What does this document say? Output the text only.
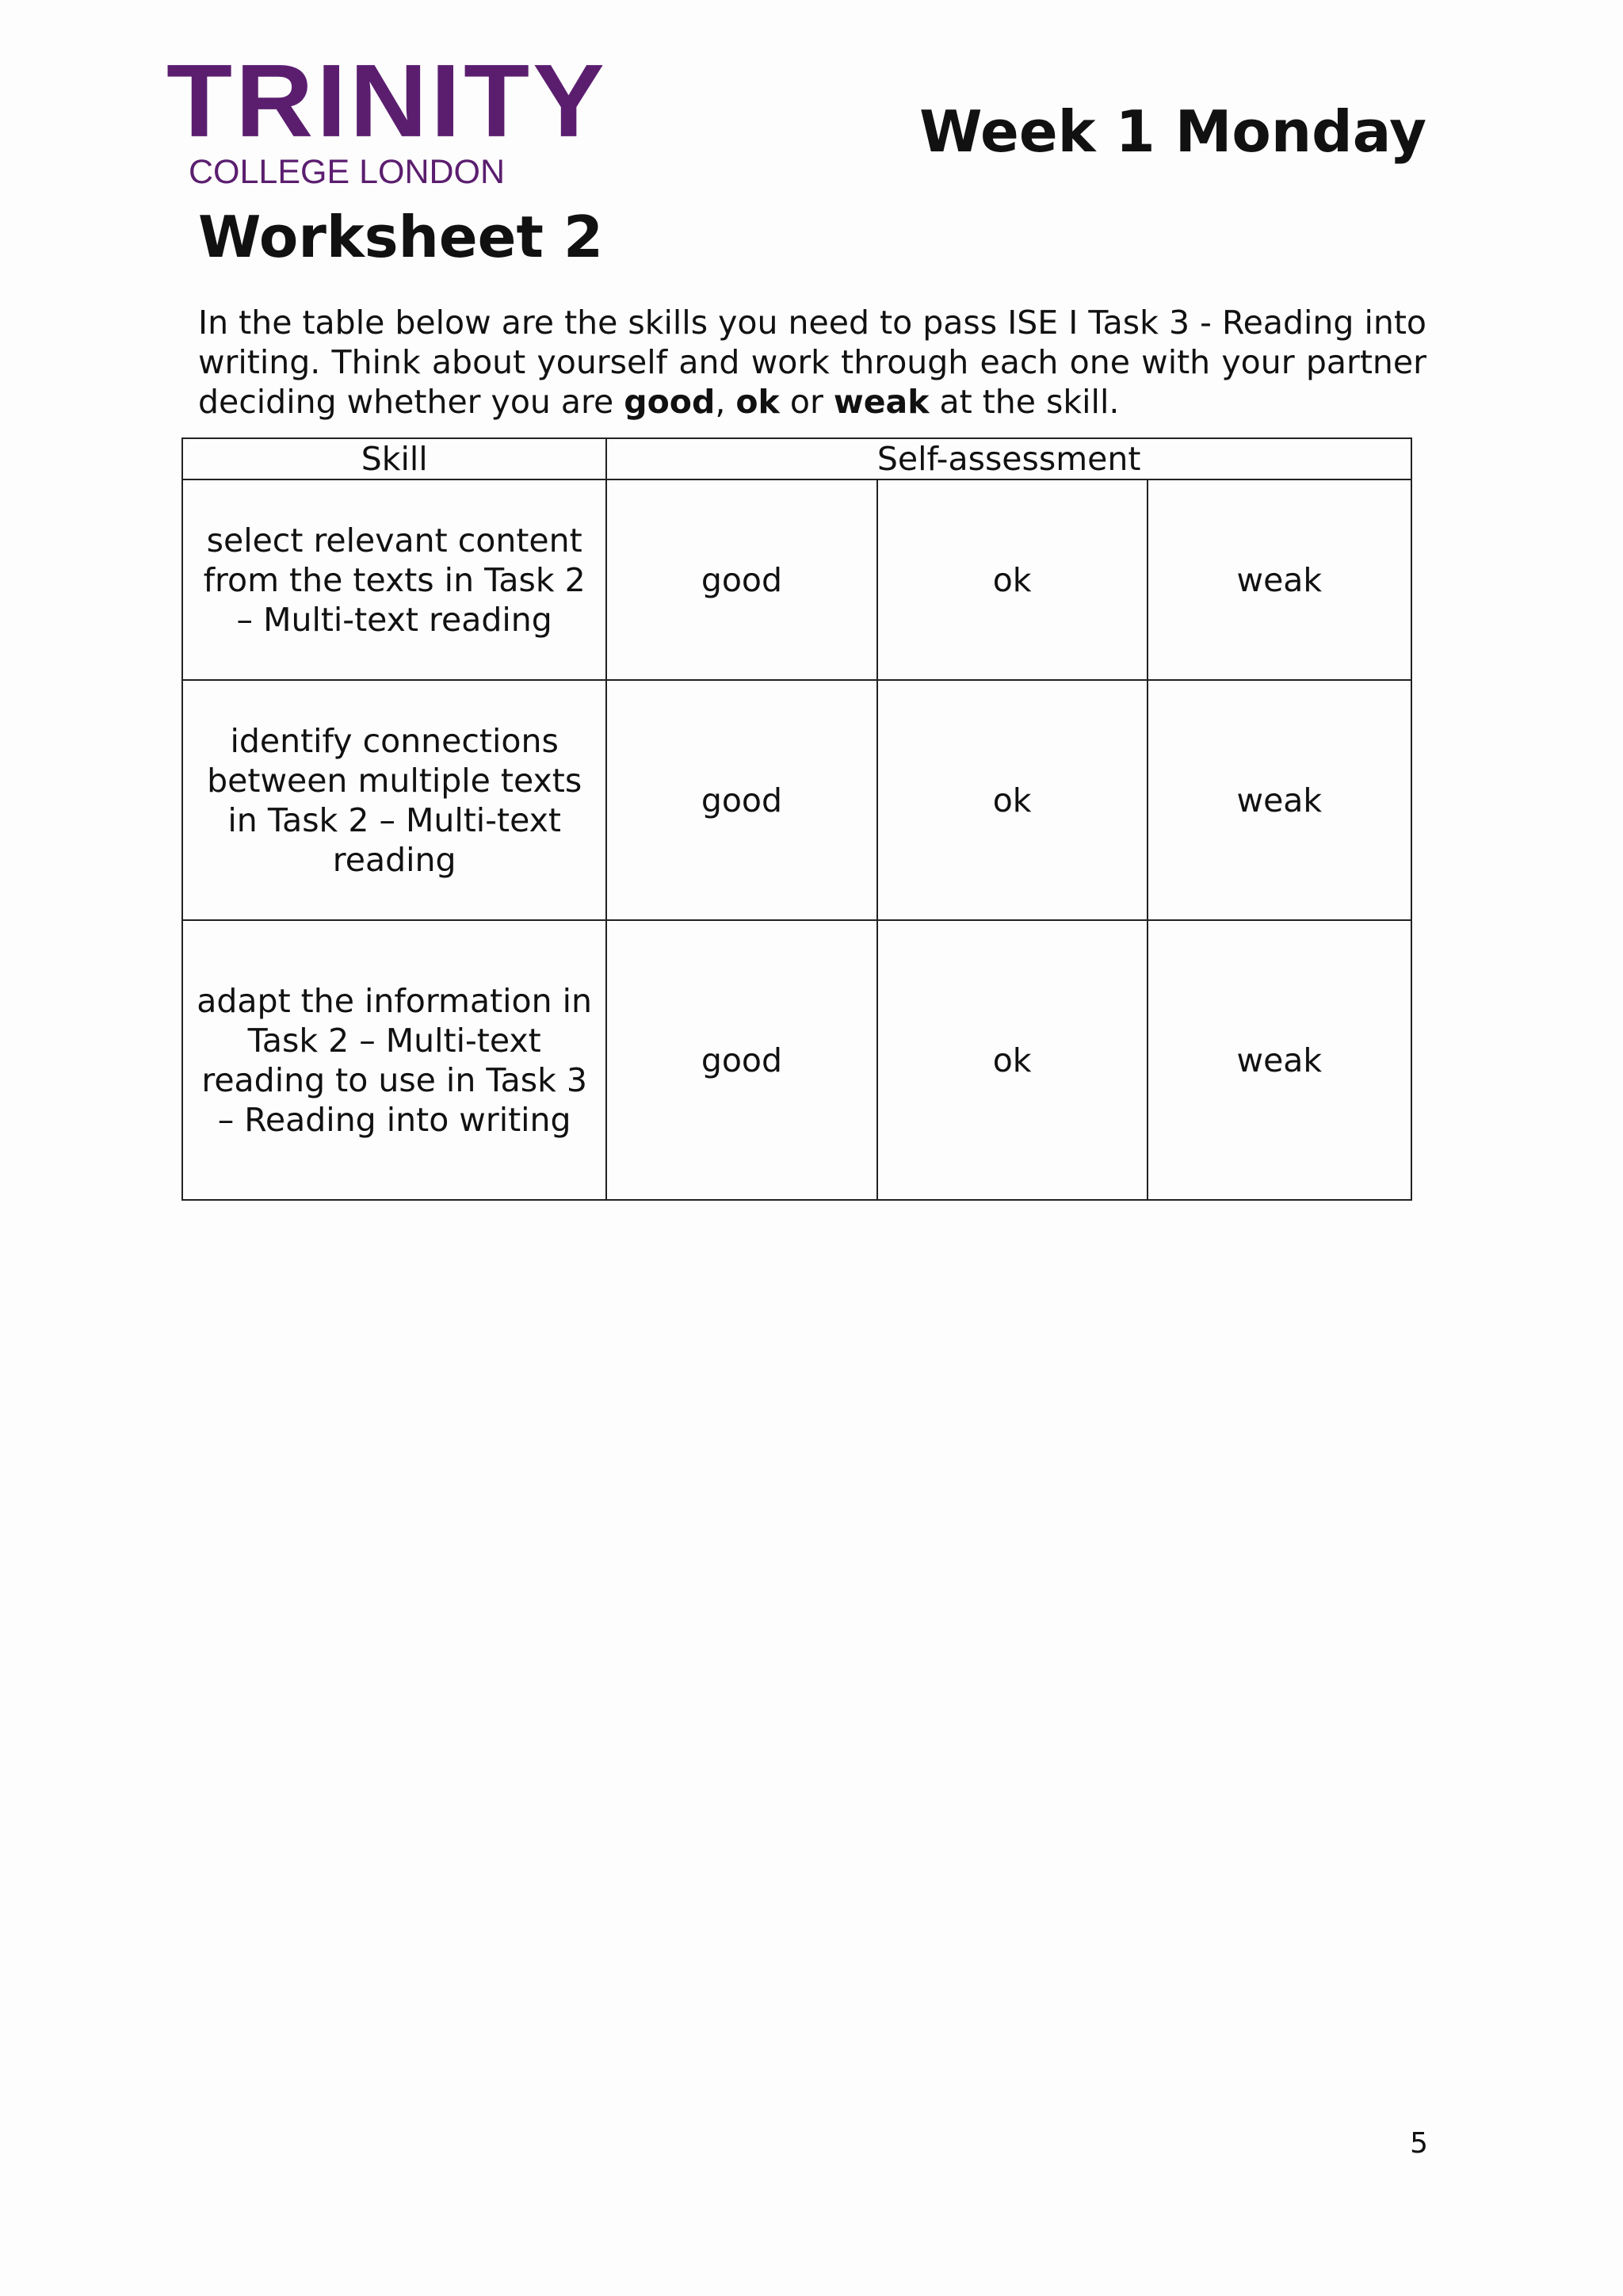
TRINITY
COLLEGE LONDON
Week 1 Monday
Worksheet 2

In the table below are the skills you need to pass ISE I Task 3 - Reading into writing. Think about yourself and work through each one with your partner deciding whether you are good, ok or weak at the skill.

Skill	Self-assessment		
select relevant content from the texts in Task 2 – Multi-text reading	good	ok	weak
identify connections between multiple texts in Task 2 – Multi-text reading	good	ok	weak
adapt the information in Task 2 – Multi-text reading to use in Task 3 – Reading into writing	good	ok	weak

5
